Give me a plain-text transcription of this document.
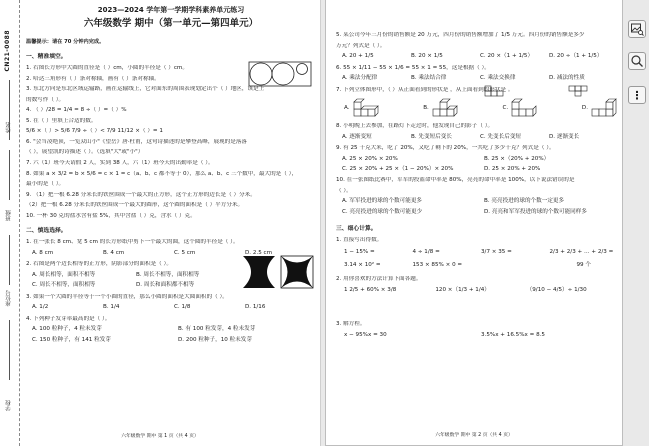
CN21-0088
姓名
班级
座位号
学校
2023—2024 学年第一学期学科素养单元练习
六年级数学 期中（第一单元—第四单元）
温馨提示：请在 70 分钟内完成。
一、精准填空。
1. 右图长方形中大圆的直径是（ ）cm，小圆的半径是（ ）cm。
2. 哈达三角形有（ ）条对称轴，画有（ ）条对称轴。
3. 东北方向是东北区域运输路，画在运输线上，它对面东的周围表现划定出个（ ）地区，该是上
的数写作（ ）。
4. （ ）/28 = 1/4 = 8 ÷（ ）=（ ）%
5. 在（ ）里填上合适的数。
5/6 ×（ ）> 5/6 7/9 ÷（ ）< 7/9 11/12 ×（ ）= 1
6. "会当凌绝顶，一览众山小"《望岳》唐·杜甫，这句诗描述的是攀登高峰，展现的是落落
（ ），展望凯的诗描述（ ）。（选填"大"或"小"）
7. 六（1）班今天请假 2 人，实到 38 人，六（1）班今天的出勤率是（ ）。
8. 如果 a × 3/2 = b × 5/6 = c × 1 = c（a、b、c 都不等于 0），那么 a、b、c 三个数中，最大的是（ ），
最小的是（ ）。
9. （1）把一根 6.28 分米长的铁丝围成一个最大的正方形，这个正方形的边长是（ ）分米。
（2）把一根 6.28 分米长的铁丝围成一个最大的圆形，这个圆的面积是（ ）平方分米。
10. 一杯 30 克的盐水含有盐 5%，其中含盐（ ）克，含水（ ）克。
二、慎选选择。
1. 在一张长 8 cm、宽 5 cm 的长方形纸中剪下一个最大的圆，这个圆的半径是（ ）。
A. 8 cm	B. 4 cm	C. 5 cm	D. 2.5 cm
2. 右图是两个边长相等的正方形，阴影部分的面积是（ ）。
A. 周长相等，面积不相等	B. 周长不相等，面积相等
C. 周长不相等，面积相等	D. 周长和面积都不相等
3. 如果一个大圆的半径等于一个小圆的直径，那么小圆的面积是大圆面积的（ ）。
A. 1/2	B. 1/4	C. 1/8	D. 1/16
4. 下列种子发芽率最高的是（ ）。
A. 100 粒种子，4 粒未发芽	B. 有 100 粒发芽，4 粒未发芽
C. 150 粒种子，有 141 粒发芽	D. 200 粒种子，10 粒未发芽
六年级数学 期中 第 1 页（共 4 页）
5. 某公司今年三月份的销售额是 20 万元，四月份的销售额增加了 1/5 万元。四月份的销售额是多少
万元？列式是（ ）。
A. 20 + 1/5	B. 20 × 1/5	C. 20 ×（1 + 1/5）	D. 20 ÷（1 + 1/5）
6. 55 × 1/11 − 55 × 1/6 = 55 × 1 = 55，这是根据（ ）。
A. 乘法分配律	B. 乘法结合律	C. 乘法交换律	D. 减法的性质
7. 下列立体图形中，（ ）从正面看到的形状是 ，从上面看到的形状是 。
A.	B.	C.	D.
8. 小明晚上去参加，在路灯下走过时，他发现自己的影子（ ）。
A. 逐渐变短	B. 先变短后变长	C. 先变长后变短	D. 逐渐变长
9. 有 25 千克大米，吃了 20%，又吃了剩下的 20%，一共吃了多少千克？列式是（ ）。
A. 25 × 20% × 20%	B. 25 ×（20% + 20%）
C. 25 × 20% + 25 ×（1 − 20%）× 20%	D. 25 × 20% + 20%
10. 在一张图纸比赛中，军军的投篮命中率是 80%，亮亮的命中率是 100%，以下说法错误的是
（ ）。
A. 军军投进的球的个数可能更多	B. 亮亮投进的球的个数一定更多
C. 亮亮投进的球的个数可能更少	D. 亮亮和军军投进的球的个数可能同样多
三、细心计算。
1. 直接写出得数。
1 − 15% =	4 ÷ 1/8 =	3/7 × 35 =	2/3 + 2/3 + … + 2/3 =
3.14 × 10² =	153 × 85% × 0 =	99 个
2. 用你喜欢的方法计算下面各题。
1 2/5 + 60% × 3/8	120 ×（1/3 + 1/4）	（9/10 − 4/5）÷ 1/30
3. 解方程。
x − 95%x = 30	3.5%x + 16.5%x = 8.5
六年级数学 期中 第 2 页（共 4 页）
⋮
